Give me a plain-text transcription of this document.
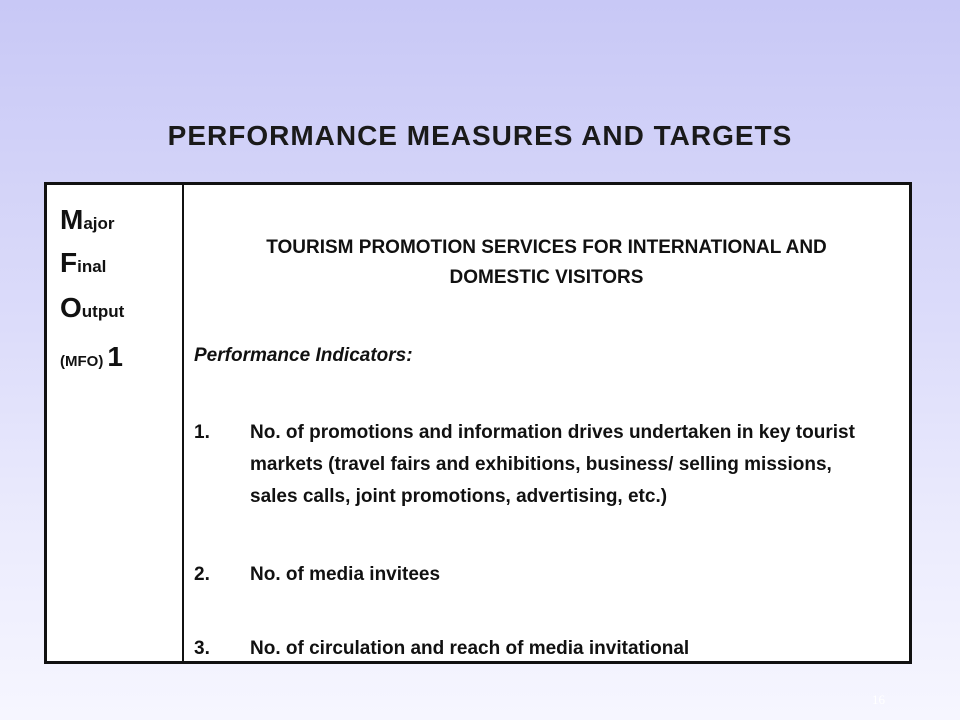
PERFORMANCE MEASURES AND TARGETS
Major
Final
Output
(MFO) 1
TOURISM PROMOTION SERVICES FOR INTERNATIONAL AND DOMESTIC VISITORS
Performance Indicators:
1.	No. of promotions and information drives undertaken in key tourist markets (travel fairs and exhibitions, business/ selling missions, sales calls, joint promotions, advertising, etc.)
2.	No. of media invitees
3.	No. of circulation and reach of media invitational
16
